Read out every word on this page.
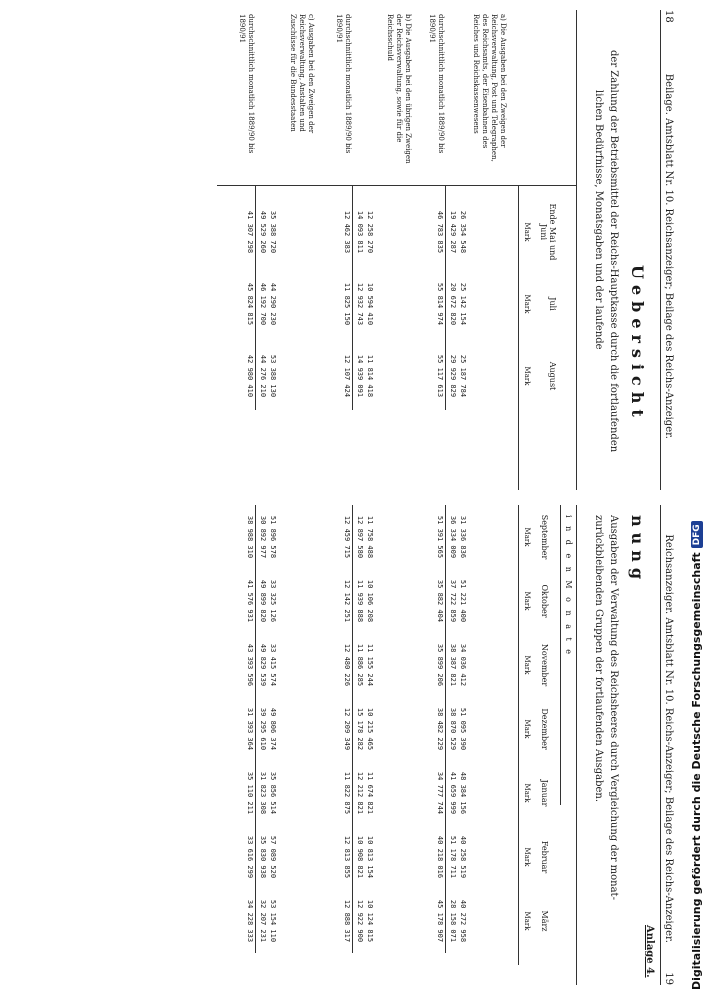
18
Beilage. Amtsblatt Nr. 10. Reichsanzeiger; Beilage des Reichs-Anzeiger.
Uebersicht
der Zahlung der Betriebsmittel der Reichs-Hauptkasse durch die fortlaufenden
lichen Bedürfnisse, Monatsgaben und der laufende
Ende Mai und Juni
Juli
August
Mark
Mark
Mark
a) Die Ausgaben bei den Zweigen der Reichsverwaltung, Post und Telegraphen, des Reichsamts, der Eisenbahnen des Reiches und Reichskassenwesens
26 354 548
25 142 154
25 187 784
19 429 287
20 672 820
29 929 829
durchschnittlich monatlich 1889/90 bis 1890/91
46 783 835
55 814 974
55 117 613
b) Die Ausgaben bei den übrigen Zweigen der Reichsverwaltung, sowie für die Reichsschuld
12 258 270
10 594 410
11 814 418
14 093 811
12 932 743
14 939 091
durchschnittlich monatlich 1889/90 bis 1890/91
12 462 383
11 825 150
12 107 424
c) Ausgaben bei den Zweigen der Reichsverwaltung, Anstalten und Zuschüsse für die Bundesstaaten
35 388 720
44 290 230
53 388 130
49 529 260
46 192 700
44 276 210
durchschnittlich monatlich 1889/90 bis 1890/91
41 307 298
45 824 815
42 980 410
Reichsanzeiger. Amtsblatt Nr. 10. Reichs-Anzeiger; Beilage des Reichs-Anzeiger.
19
Anlage 4.
nung
Ausgaben der Verwaltung des Reichsheeres durch Vergleichung der monat-
zurückbleibenden Gruppen der fortlaufenden Ausgaben.
i n d e n M o n a t e
September
Oktober
November
Dezember
Januar
Februar
März
Mark
Mark
Mark
Mark
Mark
Mark
Mark
31 336 836
51 221 400
34 036 412
51 095 390
48 384 156
40 258 519
40 272 958
36 334 009
37 722 859
38 387 821
38 870 529
41 659 999
51 178 711
28 158 071
51 391 565
35 882 404
35 899 206
38 482 229
34 777 744
40 218 016
45 178 907
11 758 488
10 106 208
11 155 244
10 215 465
11 674 821
10 813 154
10 124 815
12 897 580
11 939 888
11 886 285
15 178 282
12 212 821
10 908 821
12 922 900
12 459 715
12 142 251
12 480 226
12 209 349
11 822 875
12 813 855
12 888 317
51 896 578
33 325 126
33 415 574
49 806 374
35 856 514
57 089 520
53 154 110
30 892 977
49 899 820
49 829 539
39 295 610
31 823 308
35 830 938
32 207 231
38 988 310
41 576 931
43 393 596
31 393 364
35 110 211
33 616 299
34 228 333	Digitalisierung gefördert durch die Deutsche Forschungsgemeinschaft
DFG
